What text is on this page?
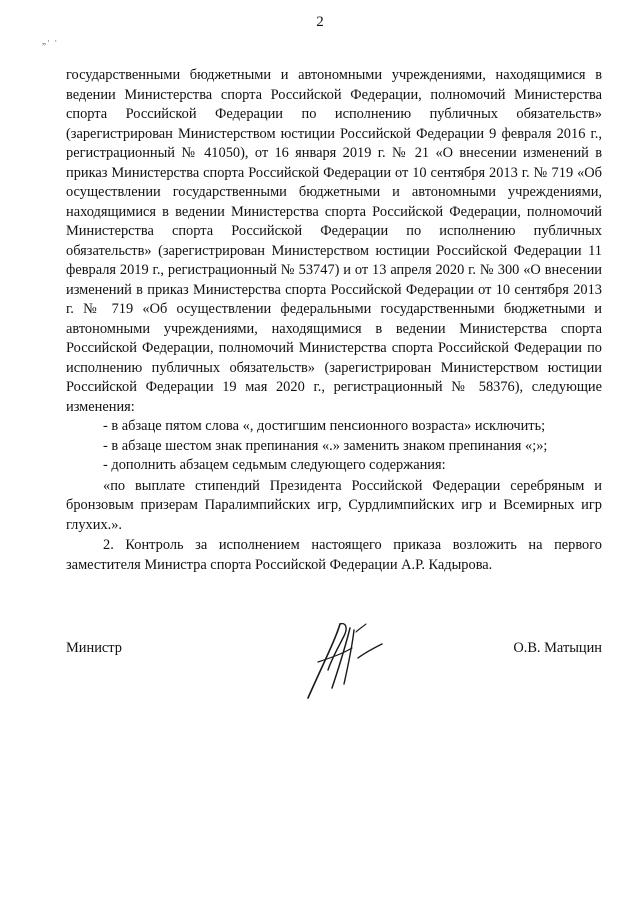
2
„· ·

государственными бюджетными и автономными учреждениями, находящимися в ведении Министерства спорта Российской Федерации, полномочий Министерства спорта Российской Федерации по исполнению публичных обязательств» (зарегистрирован Министерством юстиции Российской Федерации 9 февраля 2016 г., регистрационный № 41050), от 16 января 2019 г. № 21 «О внесении изменений в приказ Министерства спорта Российской Федерации от 10 сентября 2013 г. № 719 «Об осуществлении государственными бюджетными и автономными учреждениями, находящимися в ведении Министерства спорта Российской Федерации, полномочий Министерства спорта Российской Федерации по исполнению публичных обязательств» (зарегистрирован Министерством юстиции Российской Федерации 11 февраля 2019 г., регистрационный № 53747) и от 13 апреля 2020 г. № 300 «О внесении изменений в приказ Министерства спорта Российской Федерации от 10 сентября 2013 г. № 719 «Об осуществлении федеральными государственными бюджетными и автономными учреждениями, находящимися в ведении Министерства спорта Российской Федерации, полномочий Министерства спорта Российской Федерации по исполнению публичных обязательств» (зарегистрирован Министерством юстиции Российской Федерации 19 мая 2020 г., регистрационный № 58376), следующие изменения:

- в абзаце пятом слова «, достигшим пенсионного возраста» исключить;

- в абзаце шестом знак препинания «.» заменить знаком препинания «;»;

- дополнить абзацем седьмым следующего содержания:

«по выплате стипендий Президента Российской Федерации серебряным и бронзовым призерам Паралимпийских игр, Сурдлимпийских игр и Всемирных игр глухих.».

2. Контроль за исполнением настоящего приказа возложить на первого заместителя Министра спорта Российской Федерации А.Р. Кадырова.

Министр	О.В. Матыцин
